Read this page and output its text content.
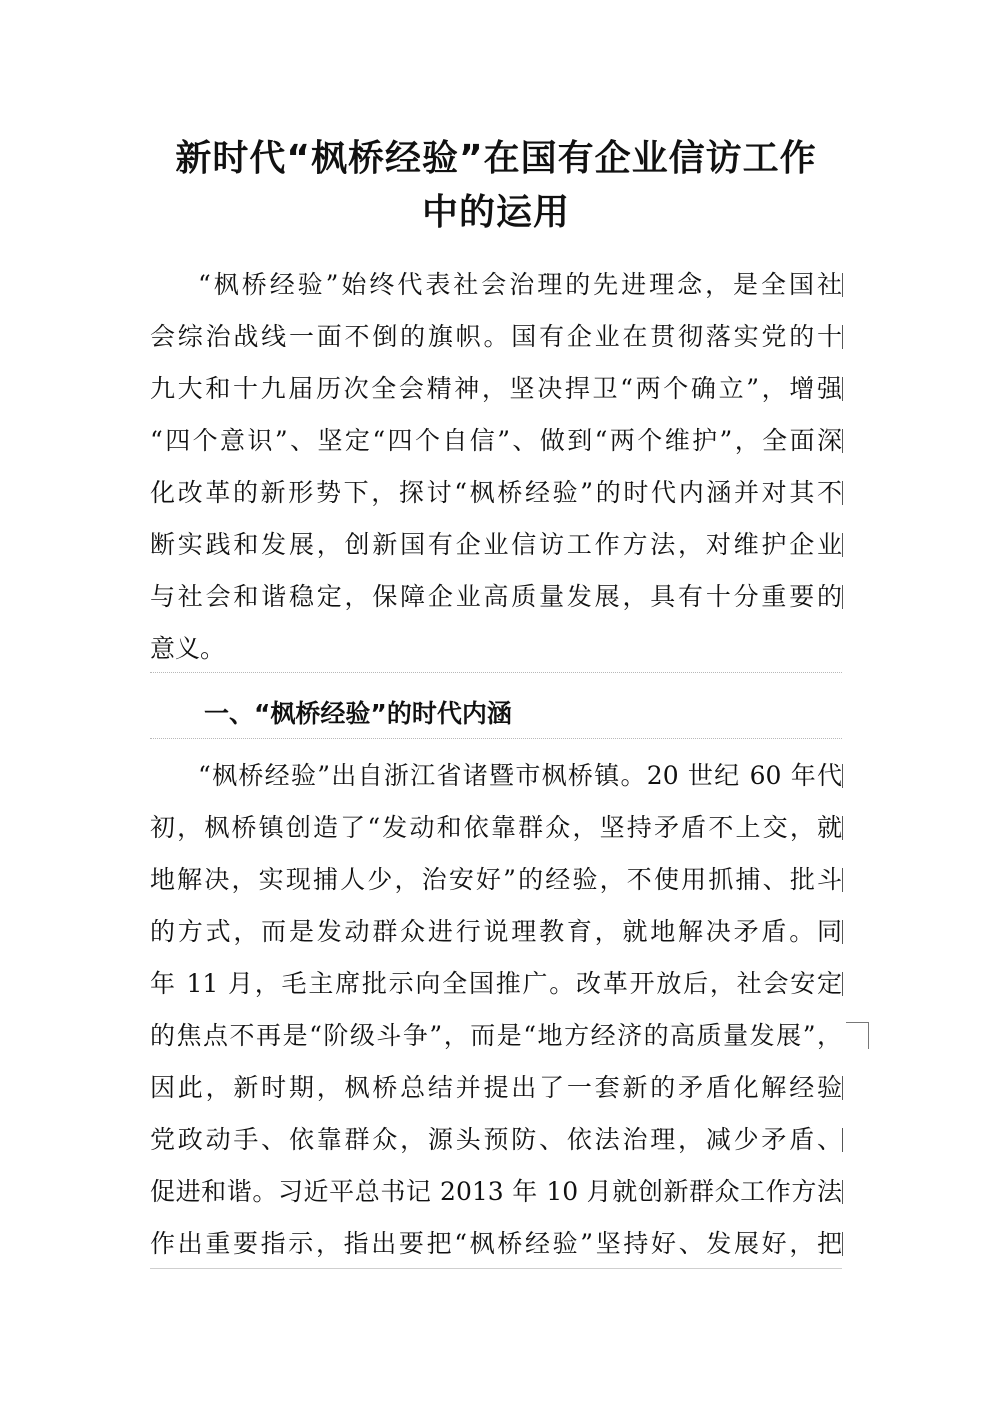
新时代“枫桥经验”在国有企业信访工作
中的运用
“枫桥经验”始终代表社会治理的先进理念，是全国社
会综治战线一面不倒的旗帜。国有企业在贯彻落实党的十
九大和十九届历次全会精神，坚决捍卫“两个确立”，增强
“四个意识”、坚定“四个自信”、做到“两个维护”，全面深
化改革的新形势下，探讨“枫桥经验”的时代内涵并对其不
断实践和发展，创新国有企业信访工作方法，对维护企业
与社会和谐稳定，保障企业高质量发展，具有十分重要的
意义。
一、“枫桥经验”的时代内涵
“枫桥经验”出自浙江省诸暨市枫桥镇。20 世纪 60 年代
初，枫桥镇创造了“发动和依靠群众，坚持矛盾不上交，就
地解决，实现捕人少，治安好”的经验，不使用抓捕、批斗
的方式，而是发动群众进行说理教育，就地解决矛盾。同
年 11 月，毛主席批示向全国推广。改革开放后，社会安定
的焦点不再是“阶级斗争”，而是“地方经济的高质量发展”，
因此，新时期，枫桥总结并提出了一套新的矛盾化解经验
党政动手、依靠群众，源头预防、依法治理，减少矛盾、
促进和谐。习近平总书记 2013 年 10 月就创新群众工作方法
作出重要指示，指出要把“枫桥经验”坚持好、发展好，把
